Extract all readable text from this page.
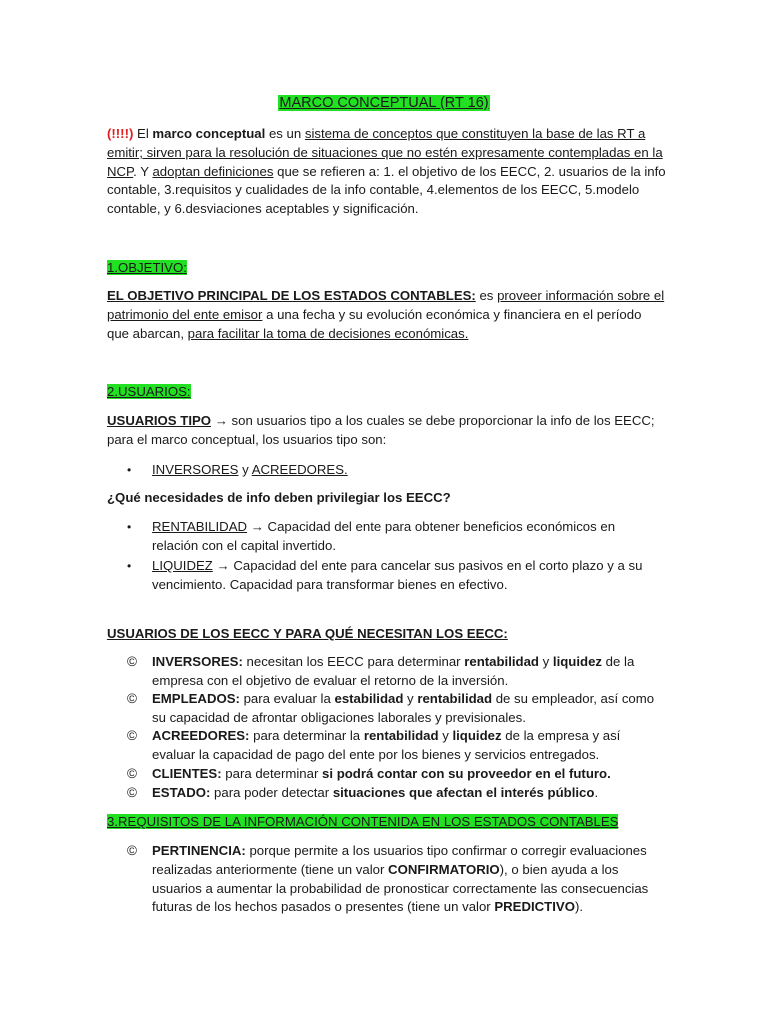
MARCO CONCEPTUAL (RT 16)

(!!!!) El marco conceptual es un sistema de conceptos que constituyen la base de las RT a emitir; sirven para la resolución de situaciones que no estén expresamente contempladas en la NCP. Y adoptan definiciones que se refieren a: 1. el objetivo de los EECC, 2. usuarios de la info contable, 3.requisitos y cualidades de la info contable, 4.elementos de los EECC, 5.modelo contable, y 6.desviaciones aceptables y significación.

1.OBJETIVO:

EL OBJETIVO PRINCIPAL DE LOS ESTADOS CONTABLES: es proveer información sobre el patrimonio del ente emisor a una fecha y su evolución económica y financiera en el período que abarcan, para facilitar la toma de decisiones económicas.

2.USUARIOS:

USUARIOS TIPO → son usuarios tipo a los cuales se debe proporcionar la info de los EECC; para el marco conceptual, los usuarios tipo son:

•	INVERSORES y ACREEDORES.

¿Qué necesidades de info deben privilegiar los EECC?

•	RENTABILIDAD → Capacidad del ente para obtener beneficios económicos en relación con el capital invertido.
•	LIQUIDEZ → Capacidad del ente para cancelar sus pasivos en el corto plazo y a su vencimiento. Capacidad para transformar bienes en efectivo.

USUARIOS DE LOS EECC Y PARA QUÉ NECESITAN LOS EECC:

©	INVERSORES: necesitan los EECC para determinar rentabilidad y liquidez de la empresa con el objetivo de evaluar el retorno de la inversión.
©	EMPLEADOS: para evaluar la estabilidad y rentabilidad de su empleador, así como su capacidad de afrontar obligaciones laborales y previsionales.
©	ACREEDORES: para determinar la rentabilidad y liquidez de la empresa y así evaluar la capacidad de pago del ente por los bienes y servicios entregados.
©	CLIENTES: para determinar si podrá contar con su proveedor en el futuro.
©	ESTADO: para poder detectar situaciones que afectan el interés público.

3.REQUISITOS DE LA INFORMACIÓN CONTENIDA EN LOS ESTADOS CONTABLES

©	PERTINENCIA: porque permite a los usuarios tipo confirmar o corregir evaluaciones realizadas anteriormente (tiene un valor CONFIRMATORIO), o bien ayuda a los usuarios a aumentar la probabilidad de pronosticar correctamente las consecuencias futuras de los hechos pasados o presentes (tiene un valor PREDICTIVO).
